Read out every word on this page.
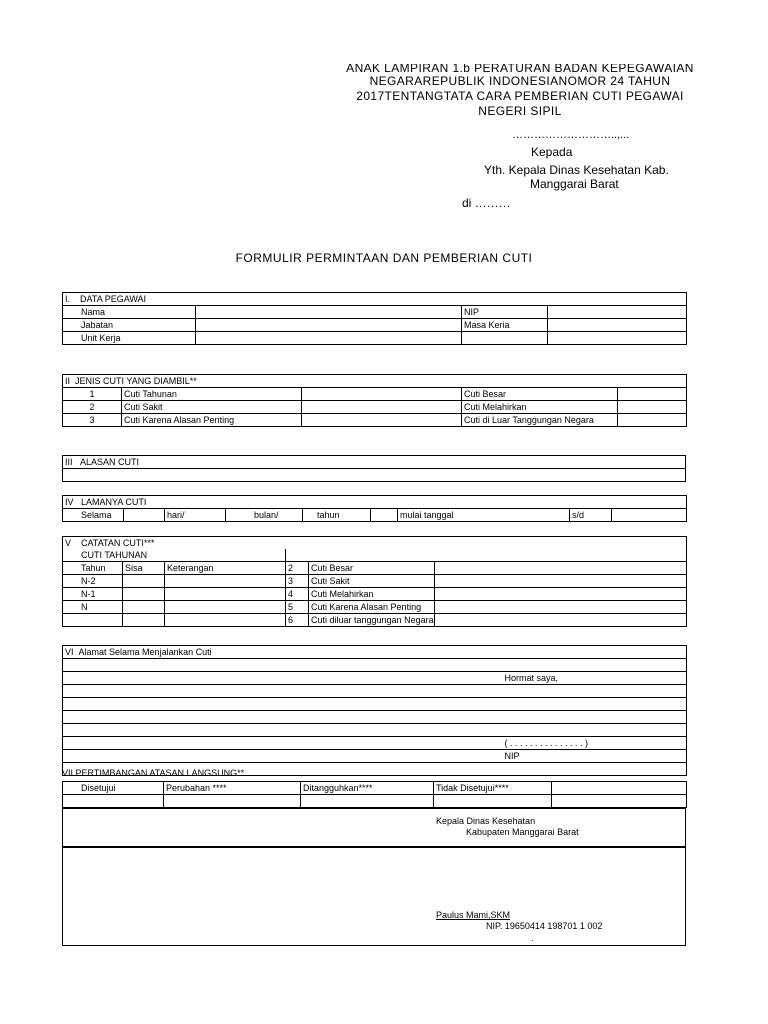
ANAK LAMPIRAN 1.b PERATURAN BADAN KEPEGAWAIAN
NEGARAREPUBLIK INDONESIANOMOR 24 TAHUN
2017TENTANGTATA CARA PEMBERIAN CUTI PEGAWAI
NEGERI SIPIL
………………………..,...
Kepada
Yth. Kepala Dinas Kesehatan Kab.
Manggarai Barat
di ………
FORMULIR PERMINTAAN DAN PEMBERIAN CUTI
I. DATA PEGAWAI			
Nama		NIP	
Jabatan		Masa Keria	
Unit Kerja			
II JENIS CUTI YANG DIAMBIL**				
1	Cuti Tahunan		Cuti Besar	
2	Cuti Sakit		Cuti Melahirkan	
3	Cuti Karena Alasan Penting		Cuti di Luar Tanggungan Negara	
III ALASAN CUTI

IV LAMANYA CUTI
Selama		hari/	bulan/	tahun		mulai tanggal	s/d	
V CATATAN CUTI***					
CUTI TAHUNAN					
Tahun	Sisa	Keterangan	2	Cuti Besar	
N-2			3	Cuti Sakit	
N-1			4	Cuti Melahirkan	
N			5	Cuti Karena Alasan Penting	
			6	Cuti diluar tanggungan Negara	
VI Alamat Selama Menjalankan Cuti	

	Hormat saya,

	( . . . . . . . . . . . . . . . )
	NIP

VII PERTIMBANGAN ATASAN LANGSUNG**
Disetujui	Perubahan ****	Ditangguhkan****	Tidak Disetujui****	

Kepala Dinas Kesehatan
Kabupaten Manggarai Barat
Paulus Mami,SKM
NIP. 19650414 198701 1 002
.
